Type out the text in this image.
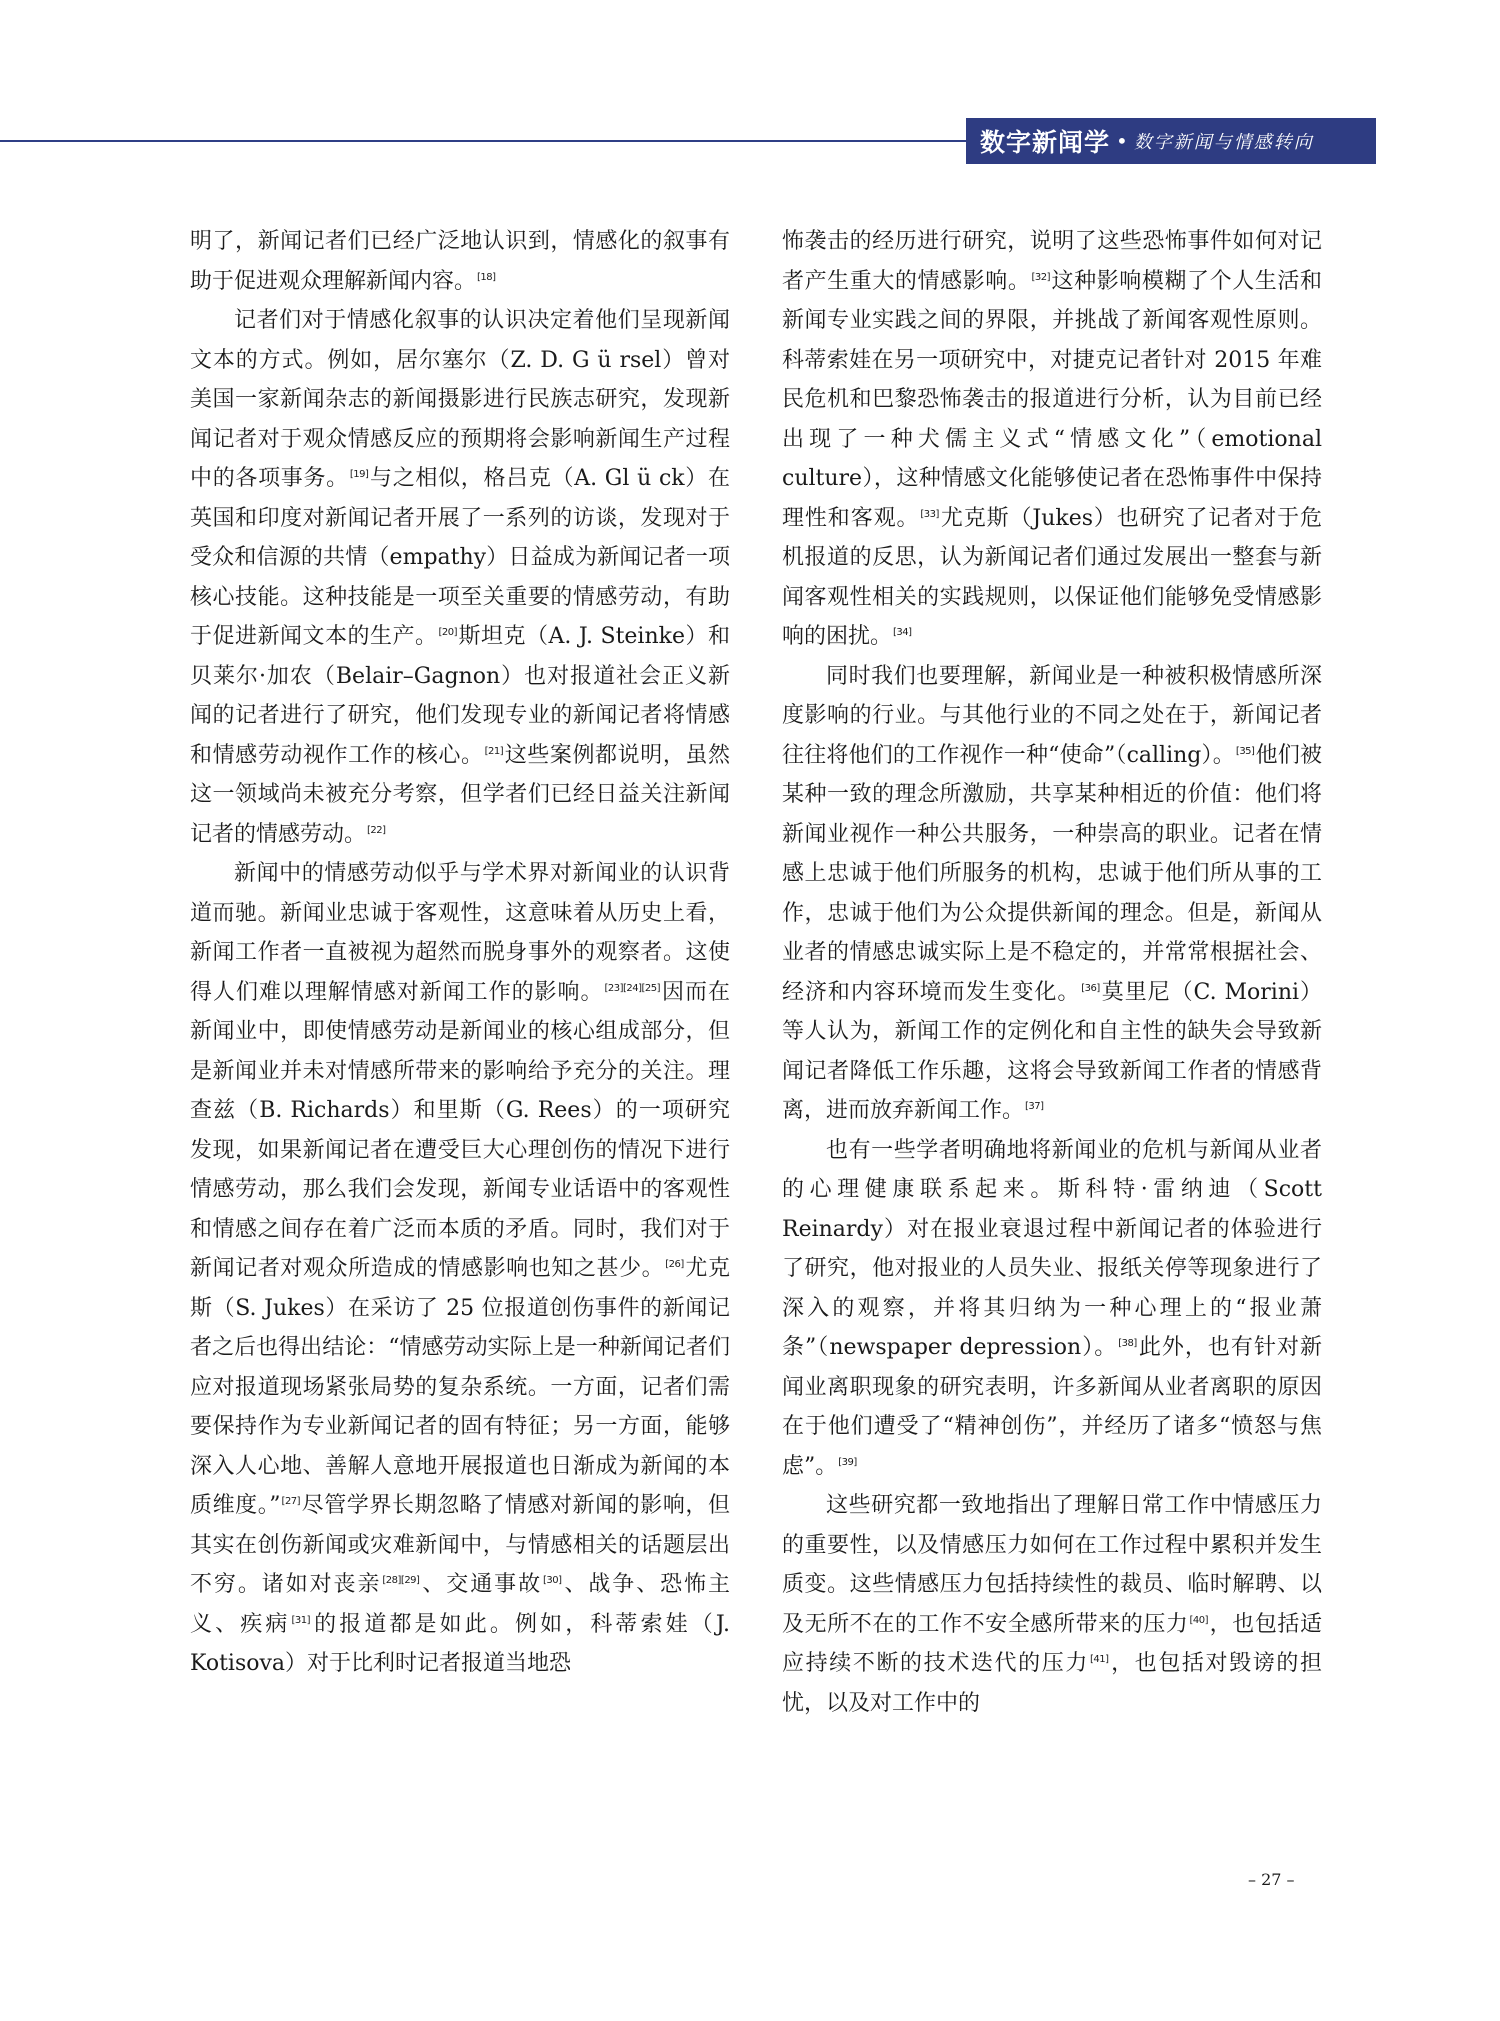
数字新闻学 • 数字新闻与情感转向

明了，新闻记者们已经广泛地认识到，情感化的叙事有助于促进观众理解新闻内容。[18]

记者们对于情感化叙事的认识决定着他们呈现新闻文本的方式。例如，居尔塞尔（Z. D. G ü rsel）曾对美国一家新闻杂志的新闻摄影进行民族志研究，发现新闻记者对于观众情感反应的预期将会影响新闻生产过程中的各项事务。[19]与之相似，格吕克（A. Gl ü ck）在英国和印度对新闻记者开展了一系列的访谈，发现对于受众和信源的共情（empathy）日益成为新闻记者一项核心技能。这种技能是一项至关重要的情感劳动，有助于促进新闻文本的生产。[20]斯坦克（A. J. Steinke）和贝莱尔·加农（Belair–Gagnon）也对报道社会正义新闻的记者进行了研究，他们发现专业的新闻记者将情感和情感劳动视作工作的核心。[21]这些案例都说明，虽然这一领域尚未被充分考察，但学者们已经日益关注新闻记者的情感劳动。[22]

新闻中的情感劳动似乎与学术界对新闻业的认识背道而驰。新闻业忠诚于客观性，这意味着从历史上看，新闻工作者一直被视为超然而脱身事外的观察者。这使得人们难以理解情感对新闻工作的影响。[23][24][25]因而在新闻业中，即使情感劳动是新闻业的核心组成部分，但是新闻业并未对情感所带来的影响给予充分的关注。理查兹（B. Richards）和里斯（G. Rees）的一项研究发现，如果新闻记者在遭受巨大心理创伤的情况下进行情感劳动，那么我们会发现，新闻专业话语中的客观性和情感之间存在着广泛而本质的矛盾。同时，我们对于新闻记者对观众所造成的情感影响也知之甚少。[26]尤克斯（S. Jukes）在采访了 25 位报道创伤事件的新闻记者之后也得出结论：“情感劳动实际上是一种新闻记者们应对报道现场紧张局势的复杂系统。一方面，记者们需要保持作为专业新闻记者的固有特征；另一方面，能够深入人心地、善解人意地开展报道也日渐成为新闻的本质维度。”[27]尽管学界长期忽略了情感对新闻的影响，但其实在创伤新闻或灾难新闻中，与情感相关的话题层出不穷。诸如对丧亲[28][29]、交通事故[30]、战争、恐怖主义、疾病[31]的报道都是如此。例如，科蒂索娃（J. Kotisova）对于比利时记者报道当地恐

怖袭击的经历进行研究，说明了这些恐怖事件如何对记者产生重大的情感影响。[32]这种影响模糊了个人生活和新闻专业实践之间的界限，并挑战了新闻客观性原则。科蒂索娃在另一项研究中，对捷克记者针对 2015 年难民危机和巴黎恐怖袭击的报道进行分析，认为目前已经出现了一种犬儒主义式“情感文化”（emotional culture），这种情感文化能够使记者在恐怖事件中保持理性和客观。[33]尤克斯（Jukes）也研究了记者对于危机报道的反思，认为新闻记者们通过发展出一整套与新闻客观性相关的实践规则，以保证他们能够免受情感影响的困扰。[34]

同时我们也要理解，新闻业是一种被积极情感所深度影响的行业。与其他行业的不同之处在于，新闻记者往往将他们的工作视作一种“使命”（calling）。[35]他们被某种一致的理念所激励，共享某种相近的价值：他们将新闻业视作一种公共服务，一种崇高的职业。记者在情感上忠诚于他们所服务的机构，忠诚于他们所从事的工作，忠诚于他们为公众提供新闻的理念。但是，新闻从业者的情感忠诚实际上是不稳定的，并常常根据社会、经济和内容环境而发生变化。[36]莫里尼（C. Morini）等人认为，新闻工作的定例化和自主性的缺失会导致新闻记者降低工作乐趣，这将会导致新闻工作者的情感背离，进而放弃新闻工作。[37]

也有一些学者明确地将新闻业的危机与新闻从业者的心理健康联系起来。斯科特·雷纳迪（Scott Reinardy）对在报业衰退过程中新闻记者的体验进行了研究，他对报业的人员失业、报纸关停等现象进行了深入的观察，并将其归纳为一种心理上的“报业萧条”（newspaper depression）。[38]此外，也有针对新闻业离职现象的研究表明，许多新闻从业者离职的原因在于他们遭受了“精神创伤”，并经历了诸多“愤怒与焦虑”。[39]

这些研究都一致地指出了理解日常工作中情感压力的重要性，以及情感压力如何在工作过程中累积并发生质变。这些情感压力包括持续性的裁员、临时解聘、以及无所不在的工作不安全感所带来的压力[40]，也包括适应持续不断的技术迭代的压力[41]，也包括对毁谤的担忧，以及对工作中的

– 27 –
